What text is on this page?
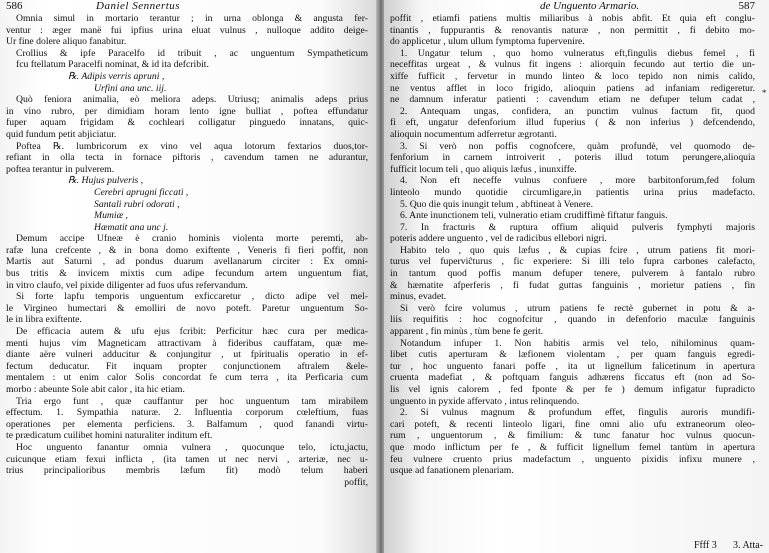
586	Daniel Sennertus
Omnia simul in mortario terantur ; in urna oblonga & angusta fer-
ventur : æger manë fui ipfius urina eluat vulnus , nulloque addito deige-
Ur fine dolere aliquo fanabitur.
Crollius & ipfe Paracelfo id tribuit , ac unguentum Sympatheticum
fcu ftellatum Paracelfi nominat, & id ita defcribit.
℞. Adipis verris apruni ,
Urfini ana unc. iij.
Quò feniora animalia, eò meliora adeps. Utriusq; animalis adeps prius
in vino rubro, per dimidiam horam lento igne bulliat , poftea effundatur
fuper aquam frigidam & cochleari colligatur pinguedo innatans, quic-
quid fundum petit abjiciatur.
Poftea ℞. lumbricorum ex vino vel aqua lotorum fextarios duos,tor-
refiant in olla tecta in fornace piftoris , cavendum tamen ne adurantur,
poftea terantur in pulverem.
℞. Hujus pulveris ,
Cerebri aprugni ficcati ,
Santali rubri odorati ,
Mumiæ ,
Hæmatit ana unc j.
Demum accipe Ufneæ è cranio hominis violenta morte peremti, ab-
rafæ luna crefcente , & in bona domo exiftente , Veneris fi fieri poffit, non
Martis aut Saturni , ad pondus duarum avellanarum circiter : Ex omni-
bus tritis & invicem mixtis cum adipe fecundum artem unguentum fiat,
in vitro claufo, vel pixide diligenter ad fuos ufus refervandum.
Si forte lapfu temporis unguentum exficcaretur , dicto adipe vel mel-
le Virgineo humectari & emolliri de novo poteft. Paretur unguentum So-
le in libra exiftente.
De efficacia autem & ufu ejus fcribit: Perficitur hæc cura per medica-
menti hujus vim Magneticam attractivam à fideribus cauffatam, quæ me-
diante aëre vulneri adducitur & conjungitur , ut fpiritualis operatio in ef-
fectum deducatur. Fit inquam propter conjunctionem aftralem &ele-
mentalem : ut enim calor Solis concordat fe cum terra , ita Perficaria cum
morbo : abeunte Sole abit calor , ita hic etiam.
Tria ergo funt , quæ cauffantur per hoc unguentum tam mirabilem
effectum. 1. Sympathia naturæ. 2. Influentia corporum cœleftium, fuas
operationes per elementa perficiens. 3. Balfamum , quod fanandi virtu-
te prædicatum cuilibet homini naturaliter inditum eft.
Hoc unguento fanantur omnia vulnera , quocunque telo, ictu,jactu,
cuicunque etiam fexui inflicta , (ita tamen ut nec nervi , arteriæ, nec u-
trius principalioribus membris læfum fit) modò telum haberi
poffit,
de Unguento Armario.	587
poffit , etiamfi patiens multis miliaribus à nobis abfit. Et quia eft conglu-
tinantis , fuppurantis & renovantis naturæ , non permittit , fi debito mo-
do applicetur , ulum ullum fymptoma fupervenire.
1. Ungatur telum , quo homo vulneratus eft,fingulis diebus femel , fi
neceffitas urgeat , & vulnus fit ingens : aliorquin fecundo aut tertio die un-
xiffe fufficit , fervetur in mundo linteo & loco tepido non nimis calido,
ne ventus afflet in loco frigido, alioquin patiens ad infaniam redigeretur.
ne damnum inferatur patienti : cavendum etiam ne defuper telum cadat ,
2. Antequam ungas, confidera, an punctim vulnus factum fit, quod
fi eft, ungatur defenforium illud fuperius ( & non inferius ) defcendendo,
alioquin nocumentum adferretur ægrotanti.
3. Si verò non poffis cognofcere, quàm profundè, vel quomodo de-
fenforium in carnem introiverit , poteris illud totum perungere,alioquia
fufficit locum teli , quo aliquis læfus , inunxiffe.
4. Non eft neceffe vulnus confuere , more barbitonforum,fed folum
linteolo mundo quotidie circumligare,in patientis urina prius madefacto.
5. Quo die quis inungit telum , abftineat à Venere.
6. Ante inunctionem teli, vulneratio etiam crudiffimè fiftatur fanguis.
7. In fracturis & ruptura offium aliquid pulveris fymphyti majoris
poteris addere unguento , vel de radicibus ellebori nigri.
Habito telo , quo quis læfus , & cupias fcire , utrum patiens fit mori-
turus vel fuperviĉturus , fic experiere: Si illi telo fupra carbones calefacto,
in tantum quod poffis manum defuper tenere, pulverem à fantalo rubro
& hæmatite afperferis , fi fudat guttas fanguinis , morietur patiens , fin
minus, evadet.
Si verò fcire volumus , utrum patiens fe rectè gubernet in potu & a-
liis requifitis : hoc cognofcitur , quando in defenforio maculæ fanguinis
apparent , fin minùs , tùm bene fe gerit.
Notandum infuper 1. Non habitis armis vel telo, nihilominus quam-
libet cutis aperturam & læfionem violentam , per quam fanguis egredi-
tur , hoc unguento fanari poffe , ita ut lignellum falicetinum in apertura
cruenta madefiat , & poftquam fanguis adhærens ficcatus eft (non ad So-
lis vel ignis calorem , fed fponte & per fe ) demum infigatur fupradicto
unguento in pyxide affervato , intus relinquendo.
2. Si vulnus magnum & profundum effet, fingulis auroris mundifi-
cari poteft, & recenti linteolo ligari, fine omni alio ufu extraneorum oleo-
rum , unguentorum , & fimilium: & tunc fanatur hoc vulnus quocun-
que modo inflictum per fe , & fufficit lignellum femel tantùm in apertura
feu vulnere cruento prius madefactum , unguento pixidis infixu munere ,
usque ad fanationem plenariam.
*
Ffff 3 3. Atta-
